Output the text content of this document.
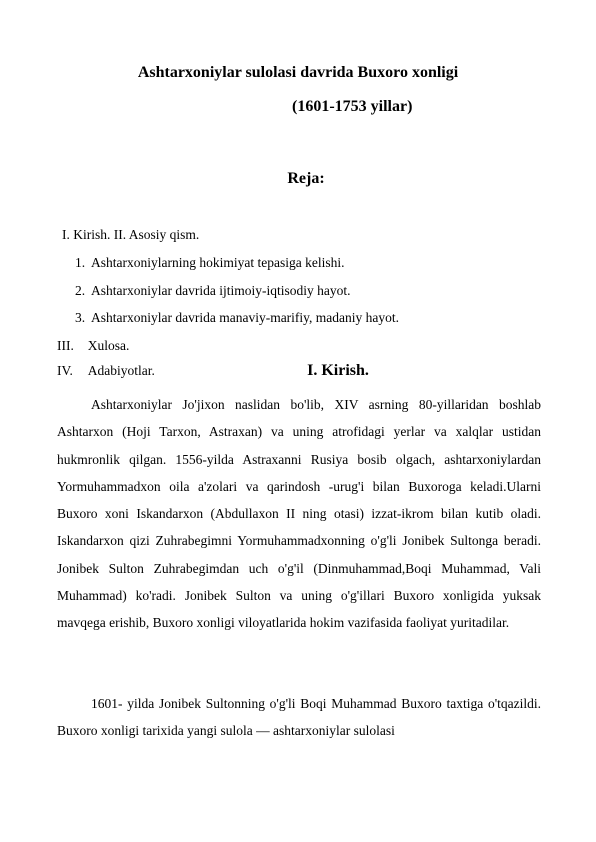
Ashtarxoniylar sulolasi davrida Buxoro xonligi
(1601-1753 yillar)
Reja:
I. Kirish. II. Asosiy qism.
1. Ashtarxoniylarning hokimiyat tepasiga kelishi.
2. Ashtarxoniylar davrida ijtimoiy-iqtisodiy hayot.
3. Ashtarxoniylar davrida manaviy-marifiy, madaniy hayot.
III. Xulosa.
IV. Adabiyotlar.	I. Kirish.

Ashtarxoniylar Jo'jixon naslidan bo'lib, XIV asrning 80-yillaridan boshlab Ashtarxon (Hoji Tarxon, Astraxan) va uning atrofidagi yerlar va xalqlar ustidan hukmronlik qilgan. 1556-yilda Astraxanni Rusiya bosib olgach, ashtarxoniylardan Yormuhammadxon oila a'zolari va qarindosh -urug'i bilan Buxoroga keladi.Ularni Buxoro xoni Iskandarxon (Abdullaxon II ning otasi) izzat-ikrom bilan kutib oladi. Iskandarxon qizi Zuhrabegimni Yormuhammadxonning o'g'li Jonibek Sultonga beradi. Jonibek Sulton Zuhrabegimdan uch o'g'il (Dinmuhammad,Boqi Muhammad, Vali Muhammad) ko'radi. Jonibek Sulton va uning o'g'illari Buxoro xonligida yuksak mavqega erishib, Buxoro xonligi viloyatlarida hokim vazifasida faoliyat yuritadilar.

1601- yilda Jonibek Sultonning o'g'li Boqi Muhammad Buxoro taxtiga o'tqazildi. Buxoro xonligi tarixida yangi sulola — ashtarxoniylar sulolasi
